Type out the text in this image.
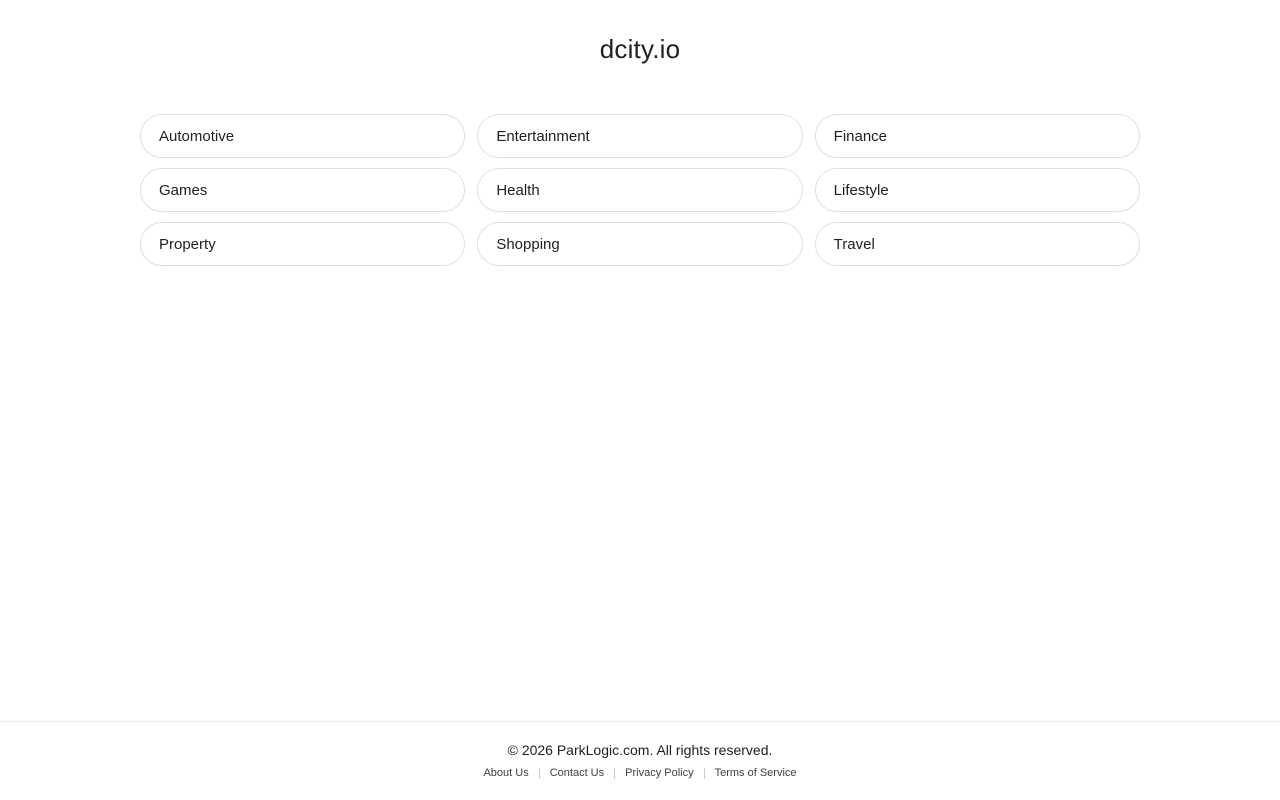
dcity.io
Automotive	Entertainment	Finance
Games	Health	Lifestyle
Property	Shopping	Travel
© 2026 ParkLogic.com. All rights reserved.
About Us	Contact Us	Privacy Policy	Terms of Service
